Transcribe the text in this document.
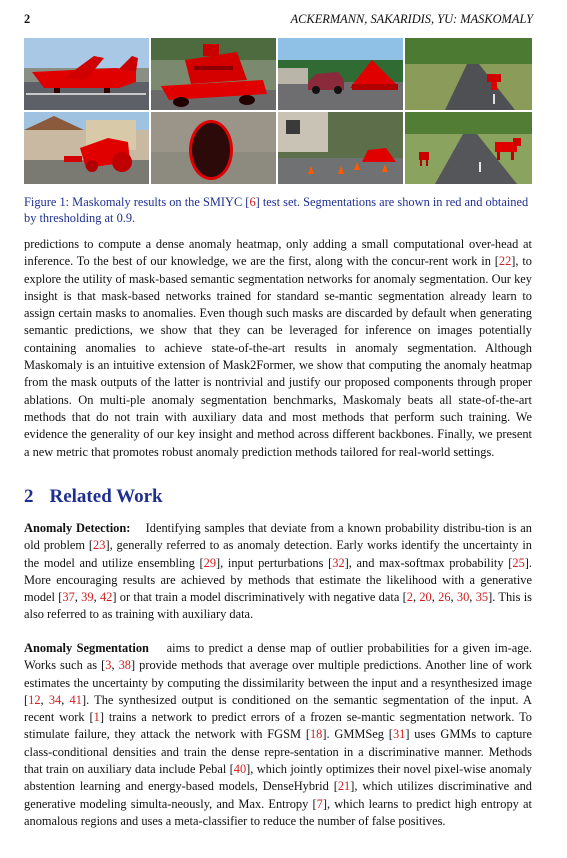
2	ACKERMANN, SAKARIDIS, YU: MASKOMALY
Figure 1: Maskomaly results on the SMIYC [6] test set. Segmentations are shown in red and obtained by thresholding at 0.9.

predictions to compute a dense anomaly heatmap, only adding a small computational over-head at inference. To the best of our knowledge, we are the first, along with the concur-rent work in [22], to explore the utility of mask-based semantic segmentation networks for anomaly segmentation. Our key insight is that mask-based networks trained for standard se-mantic segmentation already learn to assign certain masks to anomalies. Even though such masks are discarded by default when generating semantic predictions, we show that they can be leveraged for inference on images potentially containing anomalies to achieve state-of-the-art results in anomaly segmentation. Although Maskomaly is an intuitive extension of Mask2Former, we show that computing the anomaly heatmap from the mask outputs of the latter is nontrivial and justify our proposed components through proper ablations. On multi-ple anomaly segmentation benchmarks, Maskomaly beats all state-of-the-art methods that do not train with auxiliary data and most methods that perform such training. We evidence the generality of our key insight and method across different backbones. Finally, we present a new metric that promotes robust anomaly prediction methods tailored for real-world settings.

2 Related Work

Anomaly Detection: Identifying samples that deviate from a known probability distribu-tion is an old problem [23], generally referred to as anomaly detection. Early works identify the uncertainty in the model and utilize ensembling [29], input perturbations [32], and max-softmax probability [25]. More encouraging results are achieved by methods that estimate the likelihood with a generative model [37, 39, 42] or that train a model discriminatively with negative data [2, 20, 26, 30, 35]. This is also referred to as training with auxiliary data.

Anomaly Segmentation aims to predict a dense map of outlier probabilities for a given im-age. Works such as [3, 38] provide methods that average over multiple predictions. Another line of work estimates the uncertainty by computing the dissimilarity between the input and a resynthesized image [12, 34, 41]. The synthesized output is conditioned on the semantic segmentation of the input. A recent work [1] trains a network to predict errors of a frozen se-mantic segmentation network. To stimulate failure, they attack the network with FGSM [18]. GMMSeg [31] uses GMMs to capture class-conditional densities and train the dense repre-sentation in a discriminative manner. Methods that train on auxiliary data include Pebal [40], which jointly optimizes their novel pixel-wise anomaly abstention learning and energy-based models, DenseHybrid [21], which utilizes discriminative and generative modeling simulta-neously, and Max. Entropy [7], which learns to predict high entropy at anomalous regions and uses a meta-classifier to reduce the number of false positives.
